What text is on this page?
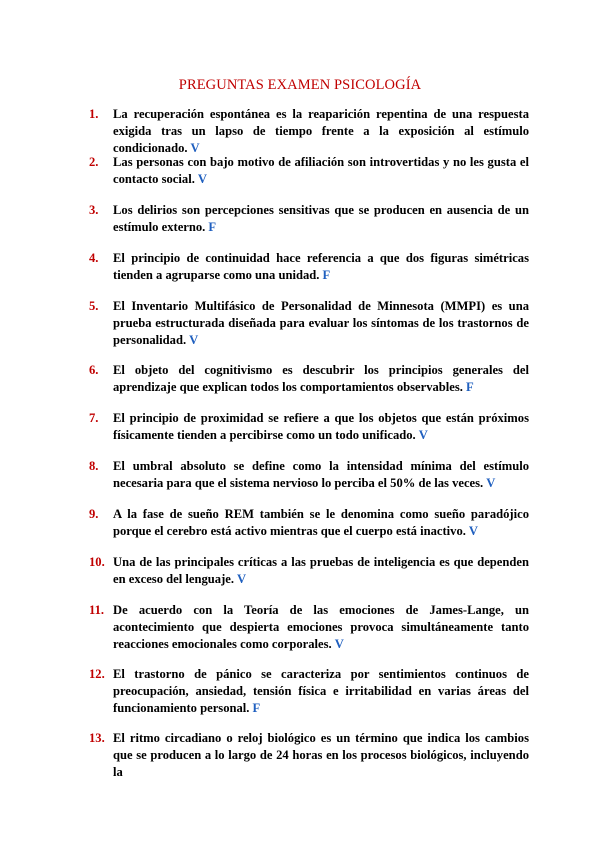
PREGUNTAS EXAMEN PSICOLOGÍA
1. La recuperación espontánea es la reaparición repentina de una respuesta exigida tras un lapso de tiempo frente a la exposición al estímulo condicionado. V
2. Las personas con bajo motivo de afiliación son introvertidas y no les gusta el contacto social. V
3. Los delirios son percepciones sensitivas que se producen en ausencia de un estímulo externo. F
4. El principio de continuidad hace referencia a que dos figuras simétricas tienden a agruparse como una unidad. F
5. El Inventario Multifásico de Personalidad de Minnesota (MMPI) es una prueba estructurada diseñada para evaluar los síntomas de los trastornos de personalidad. V
6. El objeto del cognitivismo es descubrir los principios generales del aprendizaje que explican todos los comportamientos observables. F
7. El principio de proximidad se refiere a que los objetos que están próximos físicamente tienden a percibirse como un todo unificado. V
8. El umbral absoluto se define como la intensidad mínima del estímulo necesaria para que el sistema nervioso lo perciba el 50% de las veces. V
9. A la fase de sueño REM también se le denomina como sueño paradójico porque el cerebro está activo mientras que el cuerpo está inactivo. V
10. Una de las principales críticas a las pruebas de inteligencia es que dependen en exceso del lenguaje. V
11. De acuerdo con la Teoría de las emociones de James-Lange, un acontecimiento que despierta emociones provoca simultáneamente tanto reacciones emocionales como corporales. V
12. El trastorno de pánico se caracteriza por sentimientos continuos de preocupación, ansiedad, tensión física e irritabilidad en varias áreas del funcionamiento personal. F
13. El ritmo circadiano o reloj biológico es un término que indica los cambios que se producen a lo largo de 24 horas en los procesos biológicos, incluyendo la
